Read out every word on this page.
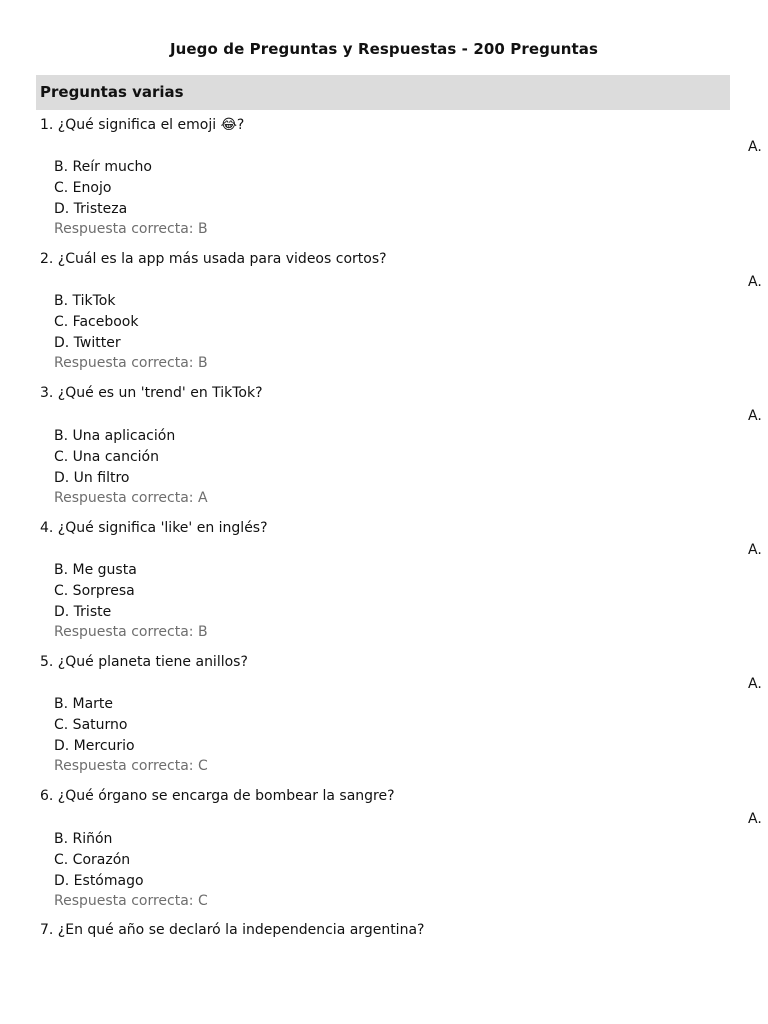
Juego de Preguntas y Respuestas - 200 Preguntas
Preguntas varias
1. ¿Qué significa el emoji 😂?
A.
B. Reír mucho
C. Enojo
D. Tristeza
Respuesta correcta: B
2. ¿Cuál es la app más usada para videos cortos?
A.
B. TikTok
C. Facebook
D. Twitter
Respuesta correcta: B
3. ¿Qué es un 'trend' en TikTok?
A.
B. Una aplicación
C. Una canción
D. Un filtro
Respuesta correcta: A
4. ¿Qué significa 'like' en inglés?
A.
B. Me gusta
C. Sorpresa
D. Triste
Respuesta correcta: B
5. ¿Qué planeta tiene anillos?
A.
B. Marte
C. Saturno
D. Mercurio
Respuesta correcta: C
6. ¿Qué órgano se encarga de bombear la sangre?
A.
B. Riñón
C. Corazón
D. Estómago
Respuesta correcta: C
7. ¿En qué año se declaró la independencia argentina?
